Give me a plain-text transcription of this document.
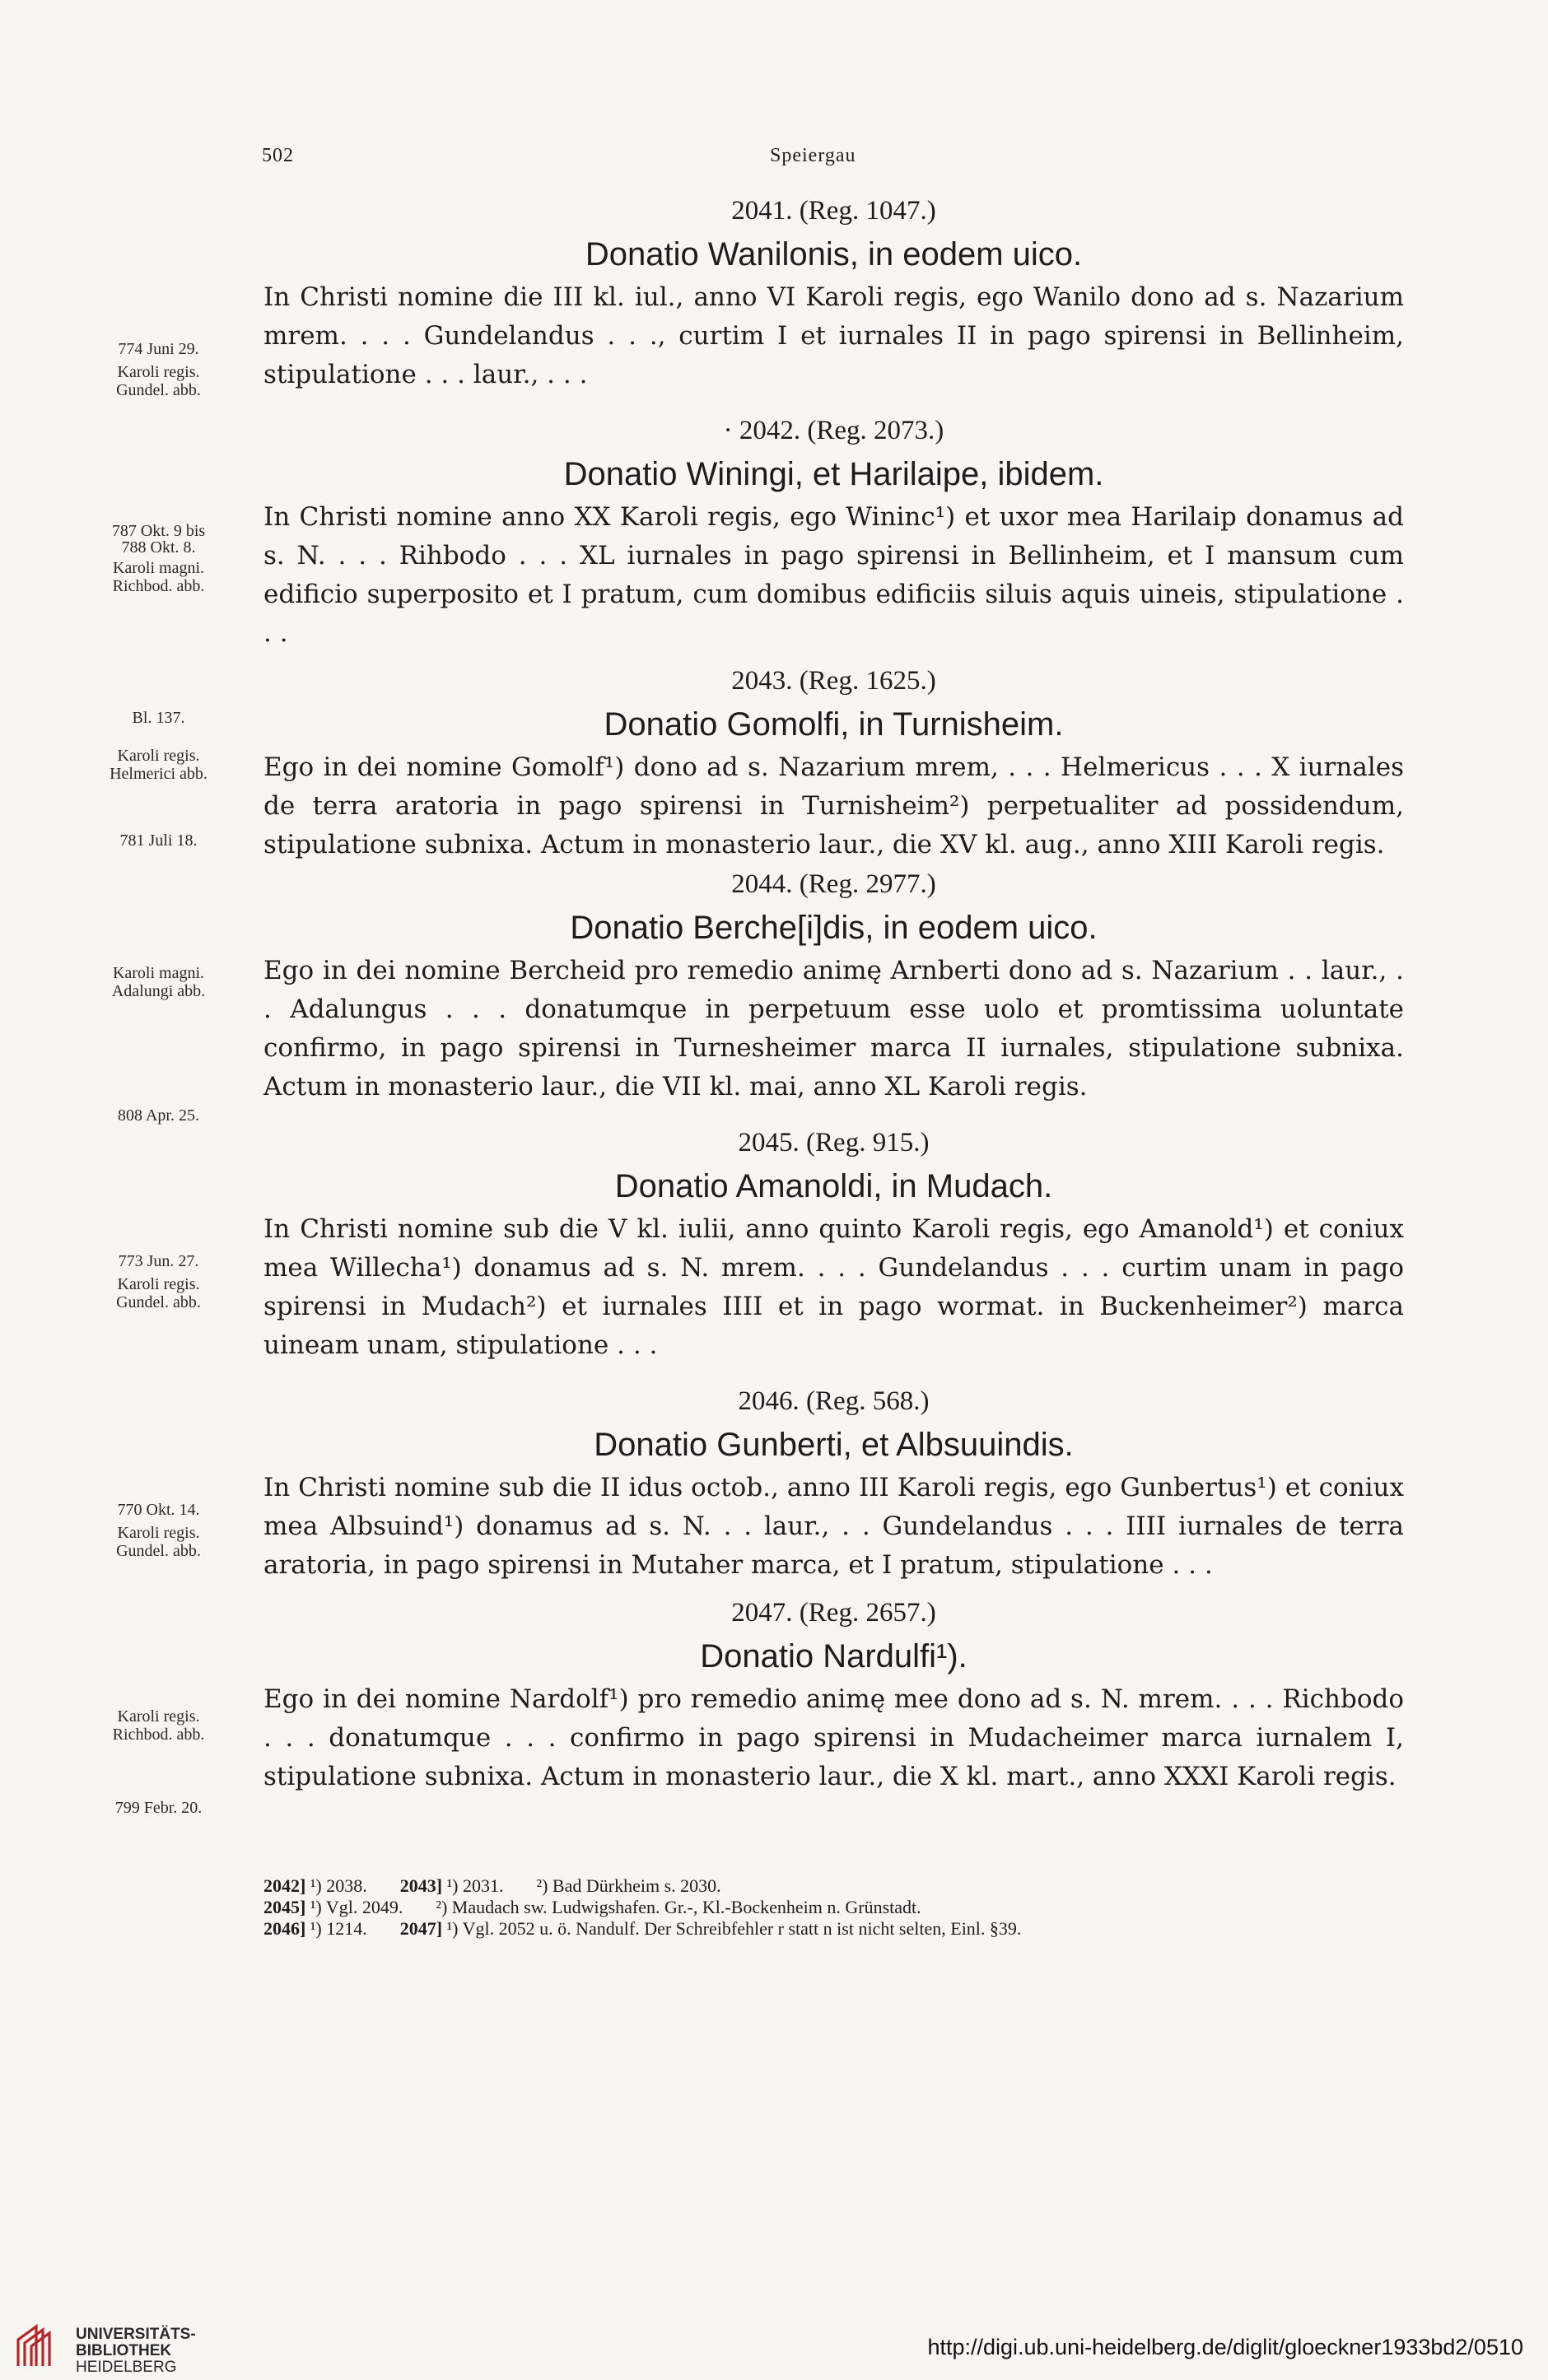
502	Speiergau
774 Juni 29.
Karoli regis.
Gundel. abb.
787 Okt. 9 bis
788 Okt. 8.
Karoli magni.
Richbod. abb.
Bl. 137.
Karoli regis.
Helmerici abb.
781 Juli 18.
Karoli magni.
Adalungi abb.
808 Apr. 25.
773 Jun. 27.
Karoli regis.
Gundel. abb.
770 Okt. 14.
Karoli regis.
Gundel. abb.
Karoli regis.
Richbod. abb.
799 Febr. 20.
2041. (Reg. 1047.)
Donatio Wanilonis, in eodem uico.

In Christi nomine die III kl. iul., anno VI Karoli regis, ego Wanilo dono ad s. Nazarium mrem. . . . Gundelandus . . ., curtim I et iurnales II in pago spirensi in Bellinheim, stipulatione . . . laur., . . .

· 2042. (Reg. 2073.)
Donatio Winingi, et Harilaipe, ibidem.

In Christi nomine anno XX Karoli regis, ego Wininc¹) et uxor mea Harilaip donamus ad s. N. . . . Rihbodo . . . XL iurnales in pago spirensi in Bellinheim, et I mansum cum edificio superposito et I pratum, cum domibus edificiis siluis aquis uineis, stipulatione . . .

2043. (Reg. 1625.)
Donatio Gomolfi, in Turnisheim.

Ego in dei nomine Gomolf¹) dono ad s. Nazarium mrem, . . . Helmericus . . . X iurnales de terra aratoria in pago spirensi in Turnisheim²) perpetualiter ad possidendum, stipulatione subnixa. Actum in monasterio laur., die XV kl. aug., anno XIII Karoli regis.

2044. (Reg. 2977.)
Donatio Berche[i]dis, in eodem uico.

Ego in dei nomine Bercheid pro remedio animę Arnberti dono ad s. Nazarium . . laur., . . Adalungus . . . donatumque in perpetuum esse uolo et promtissima uoluntate confirmo, in pago spirensi in Turnesheimer marca II iurnales, stipulatione subnixa. Actum in monasterio laur., die VII kl. mai, anno XL Karoli regis.

2045. (Reg. 915.)
Donatio Amanoldi, in Mudach.

In Christi nomine sub die V kl. iulii, anno quinto Karoli regis, ego Amanold¹) et coniux mea Willecha¹) donamus ad s. N. mrem. . . . Gundelandus . . . curtim unam in pago spirensi in Mudach²) et iurnales IIII et in pago wormat. in Buckenheimer²) marca uineam unam, stipulatione . . .

2046. (Reg. 568.)
Donatio Gunberti, et Albsuuindis.

In Christi nomine sub die II idus octob., anno III Karoli regis, ego Gunbertus¹) et coniux mea Albsuind¹) donamus ad s. N. . . laur., . . Gundelandus . . . IIII iurnales de terra aratoria, in pago spirensi in Mutaher marca, et I pratum, stipulatione . . .

2047. (Reg. 2657.)
Donatio Nardulfi¹).

Ego in dei nomine Nardolf¹) pro remedio animę mee dono ad s. N. mrem. . . . Richbodo . . . donatumque . . . confirmo in pago spirensi in Mudacheimer marca iurnalem I, stipulatione subnixa. Actum in monasterio laur., die X kl. mart., anno XXXI Karoli regis.

2042] ¹) 2038. 2043] ¹) 2031. ²) Bad Dürkheim s. 2030.
2045] ¹) Vgl. 2049. ²) Maudach sw. Ludwigshafen. Gr.-, Kl.-Bockenheim n. Grünstadt.
2046] ¹) 1214. 2047] ¹) Vgl. 2052 u. ö. Nandulf. Der Schreibfehler r statt n ist nicht selten, Einl. §39.
UNIVERSITÄTS-
BIBLIOTHEK
HEIDELBERG
http://digi.ub.uni-heidelberg.de/diglit/gloeckner1933bd2/0510
